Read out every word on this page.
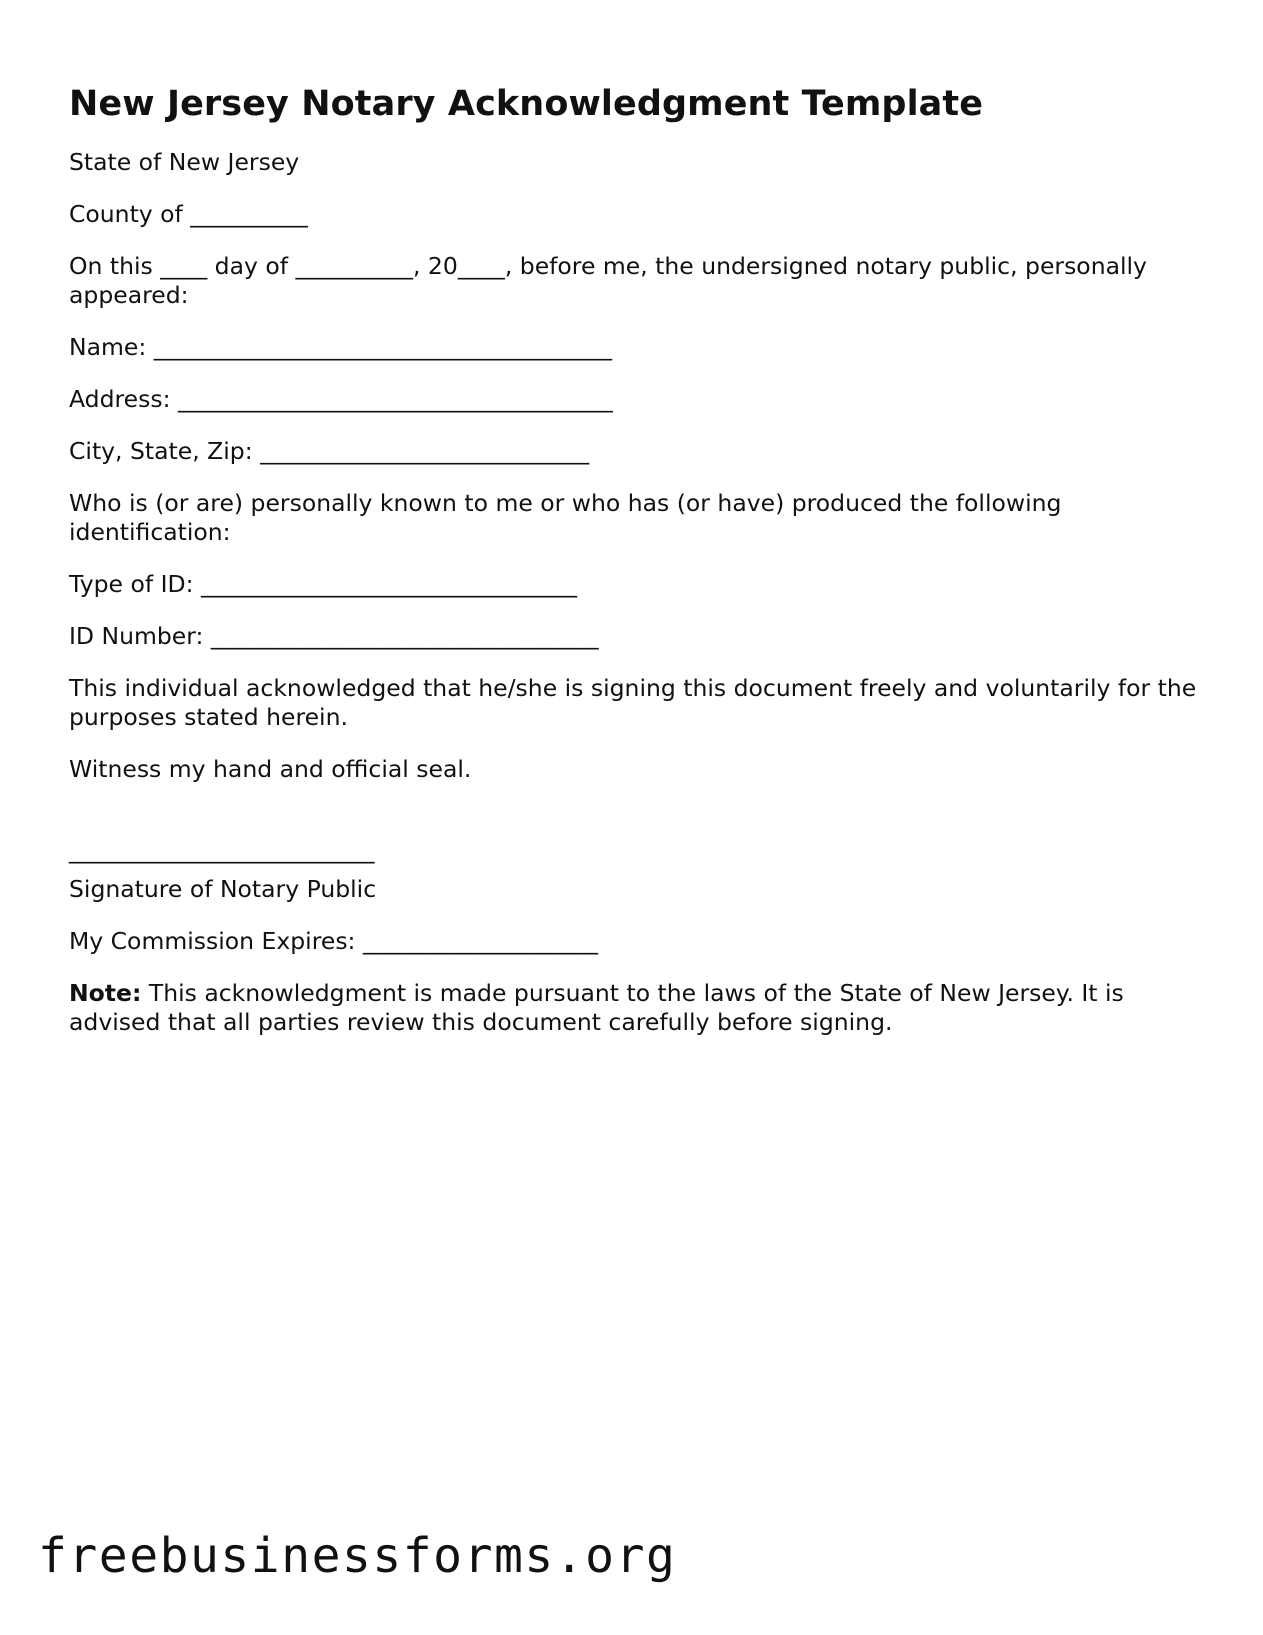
New Jersey Notary Acknowledgment Template

State of New Jersey

County of __________

On this ____ day of __________, 20____, before me, the undersigned notary public, personally appeared:

Name: _______________________________________

Address: _____________________________________

City, State, Zip: ____________________________

Who is (or are) personally known to me or who has (or have) produced the following identification:

Type of ID: ________________________________

ID Number: _________________________________

This individual acknowledged that he/she is signing this document freely and voluntarily for the purposes stated herein.

Witness my hand and official seal.

__________________________

Signature of Notary Public

My Commission Expires: ____________________

Note: This acknowledgment is made pursuant to the laws of the State of New Jersey. It is advised that all parties review this document carefully before signing.

freebusinessforms.org
